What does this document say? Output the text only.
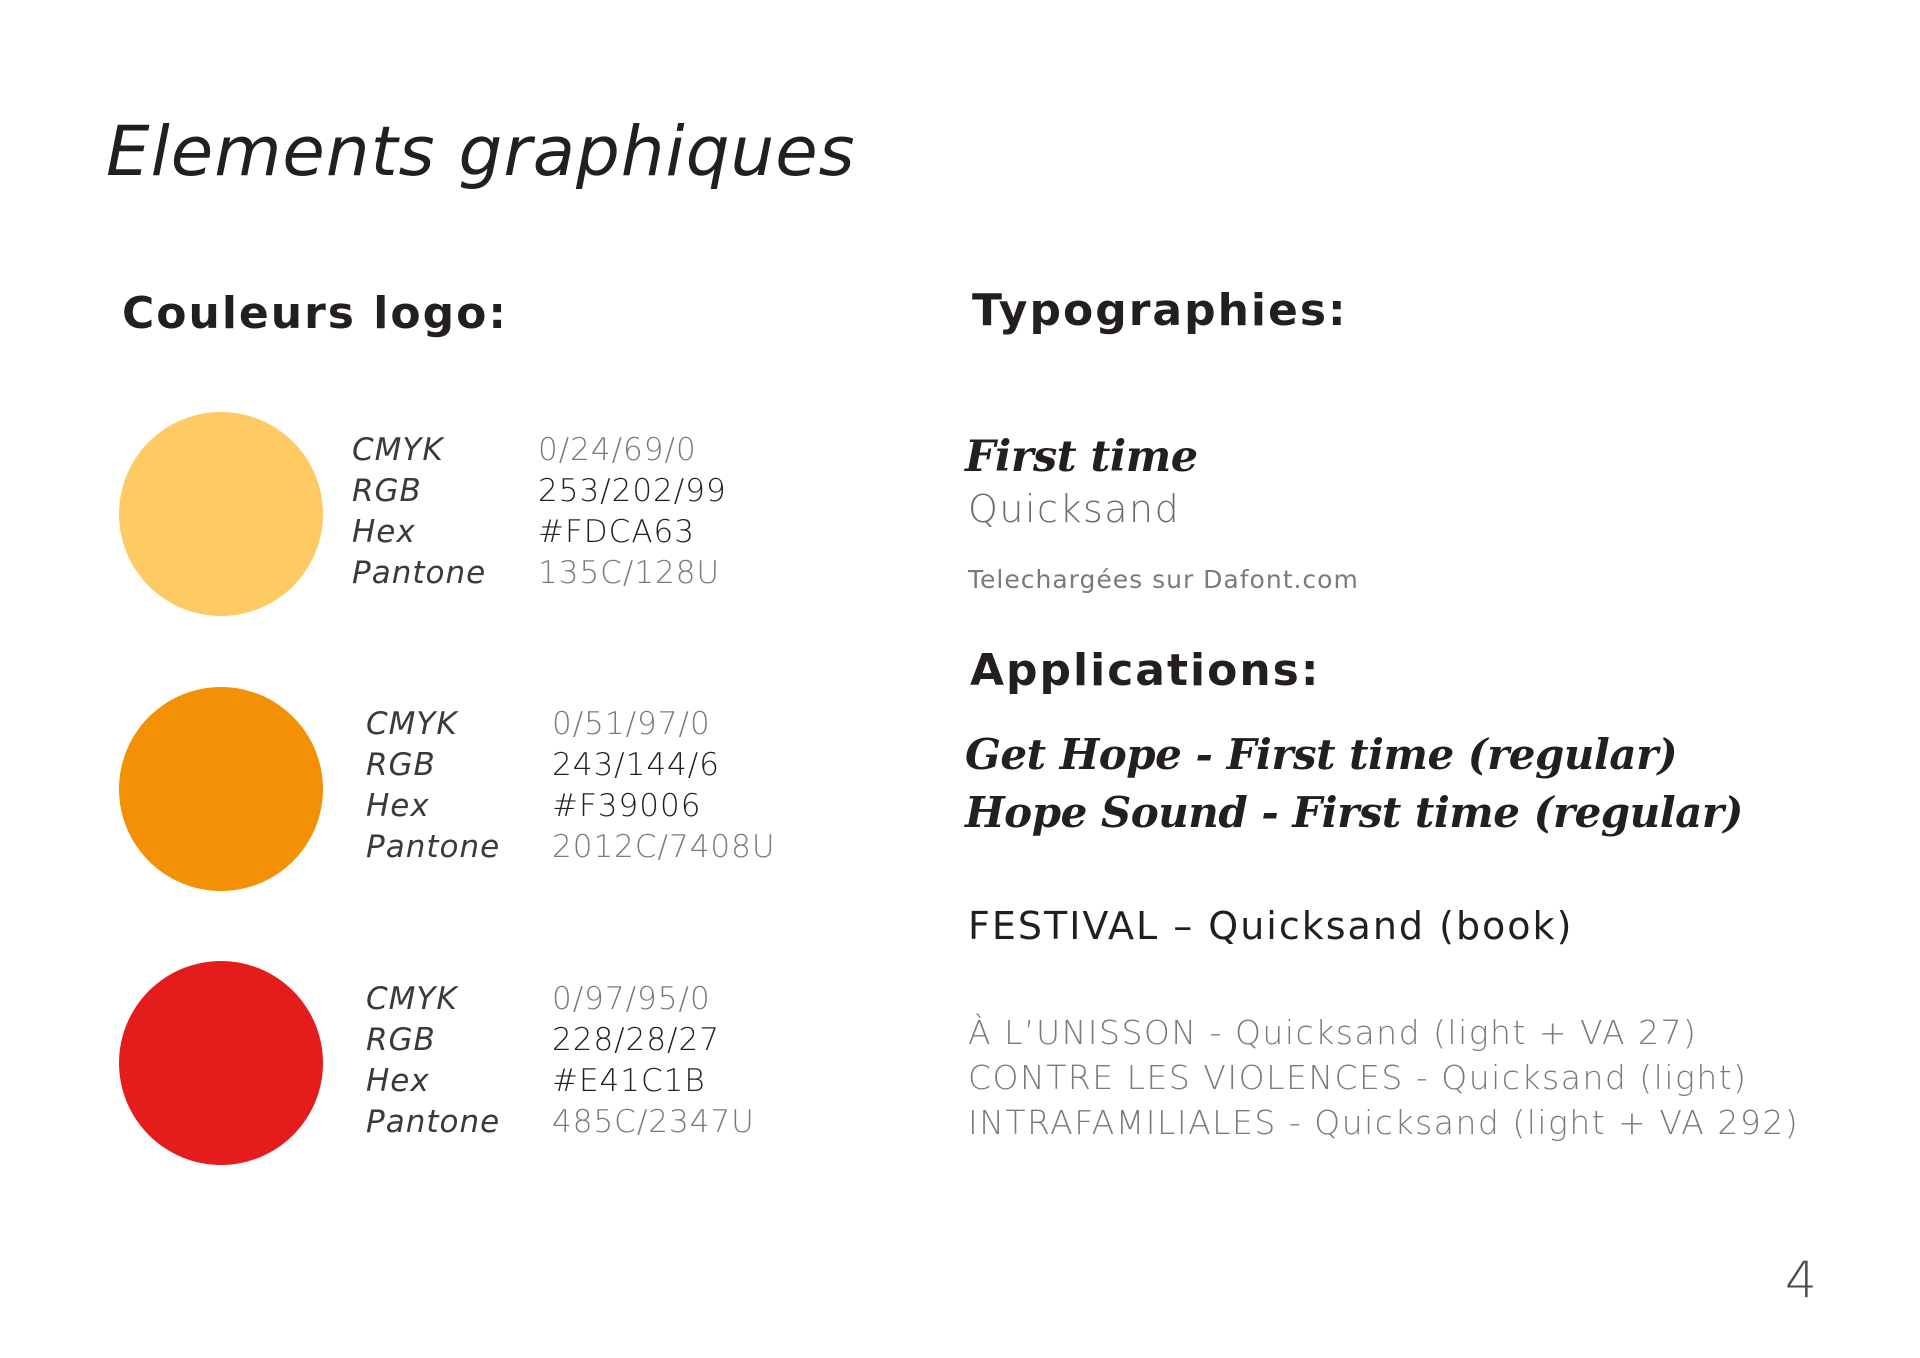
Elements graphiques
Couleurs logo:
CMYK	0/24/69/0
RGB	253/202/99
Hex	#FDCA63
Pantone	135C/128U
CMYK	0/51/97/0
RGB	243/144/6
Hex	#F39006
Pantone	2012C/7408U
CMYK	0/97/95/0
RGB	228/28/27
Hex	#E41C1B
Pantone	485C/2347U
Typographies:
First time
Quicksand
Telechargées sur Dafont.com
Applications:
Get Hope - First time (regular)
Hope Sound - First time (regular)
FESTIVAL – Quicksand (book)
À L’UNISSON - Quicksand (light + VA 27)
CONTRE LES VIOLENCES - Quicksand (light)
INTRAFAMILIALES - Quicksand (light + VA 292)
4
